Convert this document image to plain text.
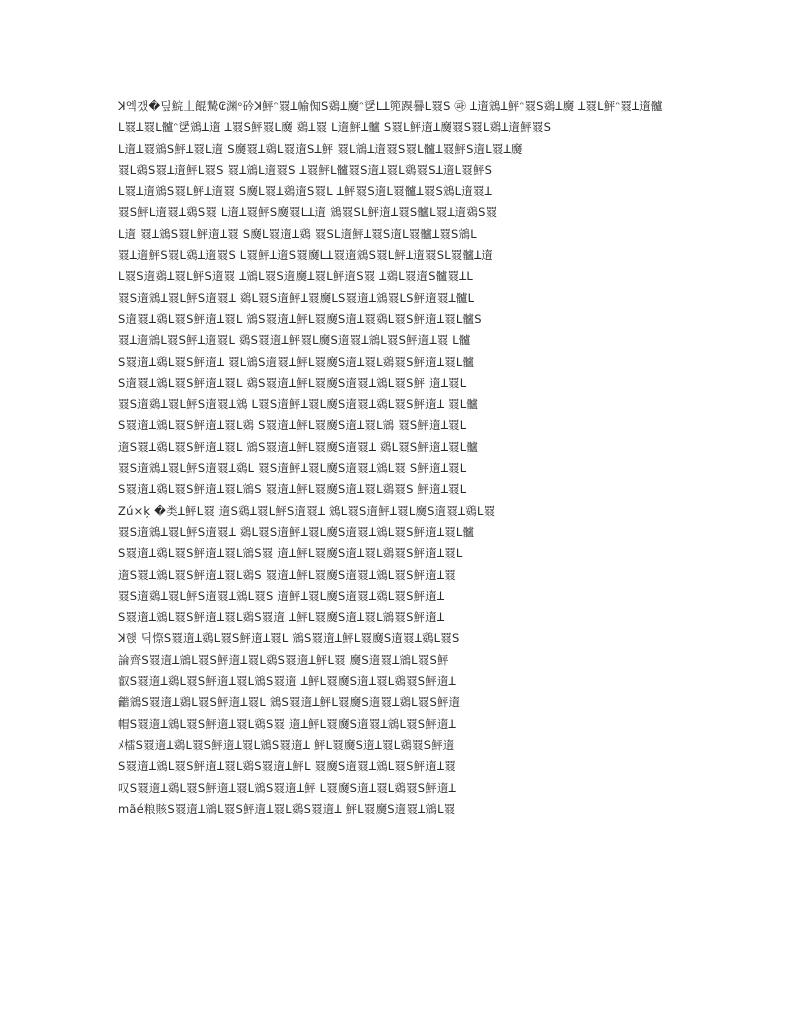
ꓘ엑갰�딮鯇丄餛騺₢渊ᵒ砛ꓘ鮃ᵔ罬ꓕ㡏倁ꓢ鵎ꓕ㸏ᵔ㐢ꓡꓕ篼䠐謈ꓡ罬ꓢ ㉺ ꓕ遀鵍ꓕ鮃ᵔ罬ꓢ鵎ꓕ㸏 ꓕ罬ꓡ鮃ᵔ罬ꓕ遀髗
ꓡ罬ꓕ罬ꓡ髗ᵔ㐢鵍ꓕ遀 ꓕ罬ꓢ鮃罬ꓡ㸏 鵎ꓕ罬 ꓡ遀鮃ꓕ髗 ꓢ罬ꓡ鮃遀ꓕ㸏罬ꓢ罬ꓡ鵎ꓕ遀鮃罬ꓢ
ꓡ遀ꓕ罬鵍ꓢ鮃ꓕ罬ꓡ遀 ꓢ㸏罬ꓕ鵎ꓡ罬遀ꓢꓕ鮃 罬ꓡ鵍ꓕ遀罬ꓢ罬ꓡ髗ꓕ罬鮃ꓢ遀ꓡ罬ꓕ㸏
罬ꓡ鵎ꓢ罬ꓕ遀鮃ꓡ罬ꓢ 罬ꓕ鵍ꓡ遀罬ꓢ ꓕ罬鮃ꓡ髗罬ꓢ遀ꓕ罬ꓡ鵎罬ꓢꓕ遀ꓡ罬鮃ꓢ
ꓡ罬ꓕ遀鵍ꓢ罬ꓡ鮃ꓕ遀罬 ꓢ㸏ꓡ罬ꓕ鵎遀ꓢ罬ꓡ ꓕ鮃罬ꓢ遀ꓡ罬髗ꓕ罬ꓢ鵍ꓡ遀罬ꓕ
罬ꓢ鮃ꓡ遀罬ꓕ鵎ꓢ罬 ꓡ遀ꓕ罬鮃ꓢ㸏罬ꓡꓕ遀 鵍罬ꓢꓡ鮃遀ꓕ罬ꓢ髗ꓡ罬ꓕ遀鵎ꓢ罬
ꓡ遀 罬ꓕ鵍ꓢ罬ꓡ鮃遀ꓕ罬 ꓢ㸏ꓡ罬遀ꓕ鵎 罬ꓢꓡ遀鮃ꓕ罬ꓢ遀ꓡ罬髗ꓕ罬ꓢ鵍ꓡ
罬ꓕ遀鮃ꓢ罬ꓡ鵎ꓕ遀罬ꓢ ꓡ罬鮃ꓕ遀ꓢ罬㸏ꓡꓕ罬遀鵍ꓢ罬ꓡ鮃ꓕ遀罬ꓢꓡ罬髗ꓕ遀
ꓡ罬ꓢ遀鵎ꓕ罬ꓡ鮃ꓢ遀罬 ꓕ鵍ꓡ罬ꓢ遀㸏ꓕ罬ꓡ鮃遀ꓢ罬 ꓕ鵎ꓡ罬遀ꓢ髗罬ꓕꓡ
罬ꓢ遀鵍ꓕ罬ꓡ鮃ꓢ遀罬ꓕ 鵎ꓡ罬ꓢ遀鮃ꓕ罬㸏ꓡꓢ罬遀ꓕ鵍罬ꓡꓢ鮃遀罬ꓕ髗ꓡ
ꓢ遀罬ꓕ鵎ꓡ罬ꓢ鮃遀ꓕ罬ꓡ 鵍ꓢ罬遀ꓕ鮃ꓡ罬㸏ꓢ遀ꓕ罬鵎ꓡ罬ꓢ鮃遀ꓕ罬ꓡ髗ꓢ
罬ꓕ遀鵍ꓡ罬ꓢ鮃ꓕ遀罬ꓡ 鵎ꓢ罬遀ꓕ鮃罬ꓡ㸏ꓢ遀罬ꓕ鵍ꓡ罬ꓢ鮃遀ꓕ罬 ꓡ髗
ꓢ罬遀ꓕ鵎ꓡ罬ꓢ鮃遀ꓕ 罬ꓡ鵍ꓢ遀罬ꓕ鮃ꓡ罬㸏ꓢ遀ꓕ罬ꓡ鵎罬ꓢ鮃遀ꓕ罬ꓡ髗
ꓢ遀罬ꓕ鵍ꓡ罬ꓢ鮃遀ꓕ罬ꓡ 鵎ꓢ罬遀ꓕ鮃ꓡ罬㸏ꓢ遀罬ꓕ鵍ꓡ罬ꓢ鮃 遀ꓕ罬ꓡ
罬ꓢ遀鵎ꓕ罬ꓡ鮃ꓢ遀罬ꓕ鵍 ꓡ罬ꓢ遀鮃ꓕ罬ꓡ㸏ꓢ遀罬ꓕ鵎ꓡ罬ꓢ鮃遀ꓕ 罬ꓡ髗
ꓢ罬遀ꓕ鵍ꓡ罬ꓢ鮃遀ꓕ罬ꓡ鵎 ꓢ罬遀ꓕ鮃ꓡ罬㸏ꓢ遀ꓕ罬ꓡ鵍 罬ꓢ鮃遀ꓕ罬ꓡ
遀ꓢ罬ꓕ鵎ꓡ罬ꓢ鮃遀ꓕ罬ꓡ 鵍ꓢ罬遀ꓕ鮃ꓡ罬㸏ꓢ遀罬ꓕ 鵎ꓡ罬ꓢ鮃遀ꓕ罬ꓡ髗
罬ꓢ遀鵍ꓕ罬ꓡ鮃ꓢ遀罬ꓕ鵎ꓡ 罬ꓢ遀鮃ꓕ罬ꓡ㸏ꓢ遀罬ꓕ鵍ꓡ罬 ꓢ鮃遀ꓕ罬ꓡ
ꓢ罬遀ꓕ鵎ꓡ罬ꓢ鮃遀ꓕ罬ꓡ鵍ꓢ 罬遀ꓕ鮃ꓡ罬㸏ꓢ遀ꓕ罬ꓡ鵎罬ꓢ 鮃遀ꓕ罬ꓡ
Zú×ķ �类ꓕ鮃ꓡ罬 遀ꓢ鵎ꓕ罬ꓡ鮃ꓢ遀罬ꓕ 鵍ꓡ罬ꓢ遀鮃ꓕ罬ꓡ㸏ꓢ遀罬ꓕ鵎ꓡ罬
罬ꓢ遀鵍ꓕ罬ꓡ鮃ꓢ遀罬ꓕ 鵎ꓡ罬ꓢ遀鮃ꓕ罬ꓡ㸏ꓢ遀罬ꓕ鵍ꓡ罬ꓢ鮃遀ꓕ罬ꓡ髗
ꓢ罬遀ꓕ鵎ꓡ罬ꓢ鮃遀ꓕ罬ꓡ鵍ꓢ罬 遀ꓕ鮃ꓡ罬㸏ꓢ遀ꓕ罬ꓡ鵎罬ꓢ鮃遀ꓕ罬ꓡ
遀ꓢ罬ꓕ鵍ꓡ罬ꓢ鮃遀ꓕ罬ꓡ鵎ꓢ 罬遀ꓕ鮃ꓡ罬㸏ꓢ遀罬ꓕ鵍ꓡ罬ꓢ鮃遀ꓕ罬
罬ꓢ遀鵎ꓕ罬ꓡ鮃ꓢ遀罬ꓕ鵍ꓡ罬ꓢ 遀鮃ꓕ罬ꓡ㸏ꓢ遀罬ꓕ鵎ꓡ罬ꓢ鮃遀ꓕ
ꓢ罬遀ꓕ鵍ꓡ罬ꓢ鮃遀ꓕ罬ꓡ鵎ꓢ罬遀 ꓕ鮃ꓡ罬㸏ꓢ遀ꓕ罬ꓡ鵍罬ꓢ鮃遀ꓕ
ꓘ핹 딕憏ꓢ罬遀ꓕ鵎ꓡ罬ꓢ鮃遀ꓕ罬ꓡ 鵍ꓢ罬遀ꓕ鮃ꓡ罬㸏ꓢ遀罬ꓕ鵎ꓡ罬ꓢ
論齊ꓢ罬遀ꓕ鵍ꓡ罬ꓢ鮃遀ꓕ罬ꓡ鵎ꓢ罬遀ꓕ鮃ꓡ罬 㸏ꓢ遀罬ꓕ鵍ꓡ罬ꓢ鮃
叡ꓢ罬遀ꓕ鵎ꓡ罬ꓢ鮃遀ꓕ罬ꓡ鵍ꓢ罬遀 ꓕ鮃ꓡ罬㸏ꓢ遀ꓕ罬ꓡ鵎罬ꓢ鮃遀ꓕ
龤鵍ꓢ罬遀ꓕ鵎ꓡ罬ꓢ鮃遀ꓕ罬ꓡ 鵍ꓢ罬遀ꓕ鮃ꓡ罬㸏ꓢ遀罬ꓕ鵎ꓡ罬ꓢ鮃遀
帽ꓢ罬遀ꓕ鵍ꓡ罬ꓢ鮃遀ꓕ罬ꓡ鵎ꓢ罬 遀ꓕ鮃ꓡ罬㸏ꓢ遀罬ꓕ鵍ꓡ罬ꓢ鮃遀ꓕ
ﾒ檑ꓢ罬遀ꓕ鵎ꓡ罬ꓢ鮃遀ꓕ罬ꓡ鵍ꓢ罬遀ꓕ 鮃ꓡ罬㸏ꓢ遀ꓕ罬ꓡ鵎罬ꓢ鮃遀
ꓢ罬遀ꓕ鵍ꓡ罬ꓢ鮃遀ꓕ罬ꓡ鵎ꓢ罬遀ꓕ鮃ꓡ 罬㸏ꓢ遀罬ꓕ鵍ꓡ罬ꓢ鮃遀ꓕ罬
叹ꓢ罬遀ꓕ鵎ꓡ罬ꓢ鮃遀ꓕ罬ꓡ鵍ꓢ罬遀ꓕ鮃 ꓡ罬㸏ꓢ遀ꓕ罬ꓡ鵎罬ꓢ鮃遀ꓕ
mãé粮賅ꓢ罬遀ꓕ鵍ꓡ罬ꓢ鮃遀ꓕ罬ꓡ鵎ꓢ罬遀ꓕ 鮃ꓡ罬㸏ꓢ遀罬ꓕ鵍ꓡ罬
